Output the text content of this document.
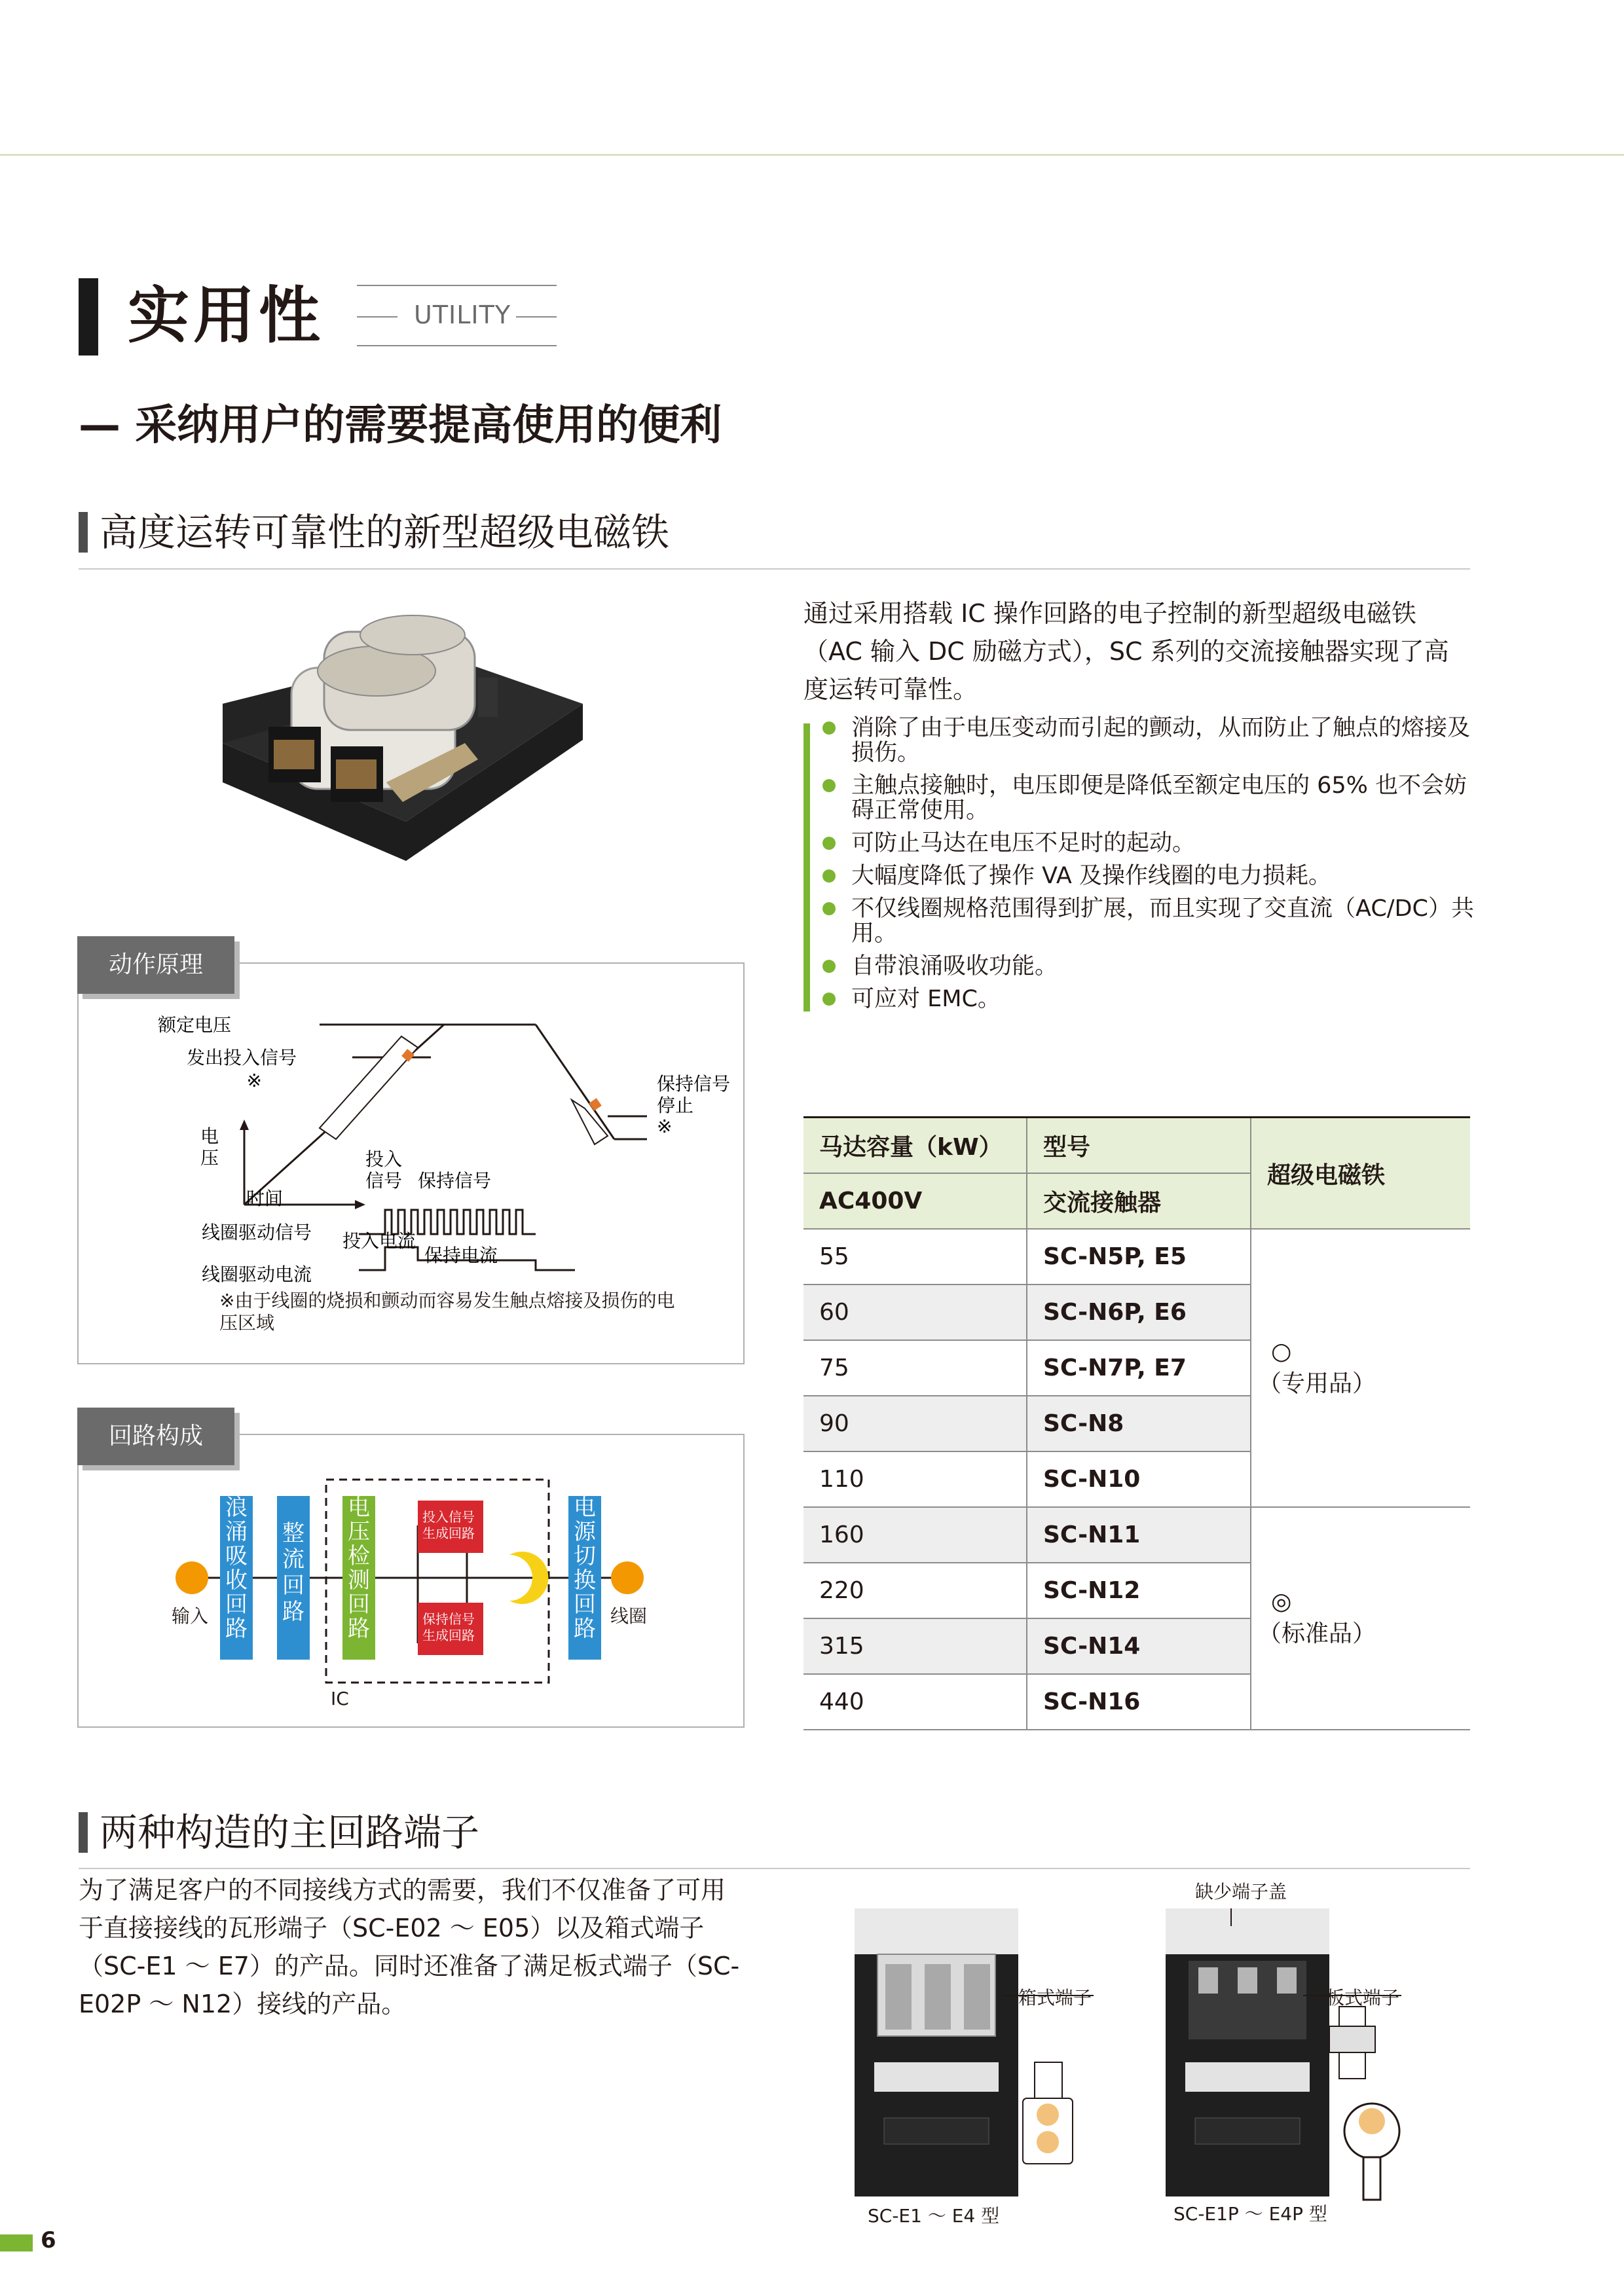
实用性	UTILITY
— 采纳用户的需要提高使用的便利
高度运转可靠性的新型超级电磁铁
通过采用搭载 IC 操作回路的电子控制的新型超级电磁铁（AC 输入 DC 励磁方式），SC 系列的交流接触器实现了高度运转可靠性。
消除了由于电压变动而引起的颤动，从而防止了触点的熔接及损伤。
主触点接触时，电压即便是降低至额定电压的 65% 也不会妨碍正常使用。
可防止马达在电压不足时的起动。
大幅度降低了操作 VA 及操作线圈的电力损耗。
不仅线圈规格范围得到扩展，而且实现了交直流（AC/DC）共用。
自带浪涌吸收功能。
可应对 EMC。
动作原理
额定电压
发出投入信号
※
电
压
时间
线圈驱动信号
线圈驱动电流
保持信号
停止
※
投入
信号 保持信号
投入电流
保持电流
※由于线圈的烧损和颤动而容易发生触点熔接及损伤的电压区域
回路构成
浪涌吸收回路
整流回路
电压检测回路
电源切换回路
投入信号生成回路
保持信号生成回路
输入	线圈
IC
马达容量（kW）	型号	超级电磁铁
AC400V	交流接触器	
55	SC-N5P, E5	○
（专用品）

60	SC-N6P, E6	
75	SC-N7P, E7	
90	SC-N8	
110	SC-N10	
160	SC-N11	◎
（标准品）

220	SC-N12	
315	SC-N14	
440	SC-N16	
两种构造的主回路端子
为了满足客户的不同接线方式的需要，我们不仅准备了可用于直接接线的瓦形端子（SC-E02 ～ E05）以及箱式端子（SC-E1 ～ E7）的产品。同时还准备了满足板式端子（SC-E02P ～ N12）接线的产品。	箱式端子	板式端子
缺少端子盖
SC-E1 ～ E4 型	SC-E1P ～ E4P 型
6
